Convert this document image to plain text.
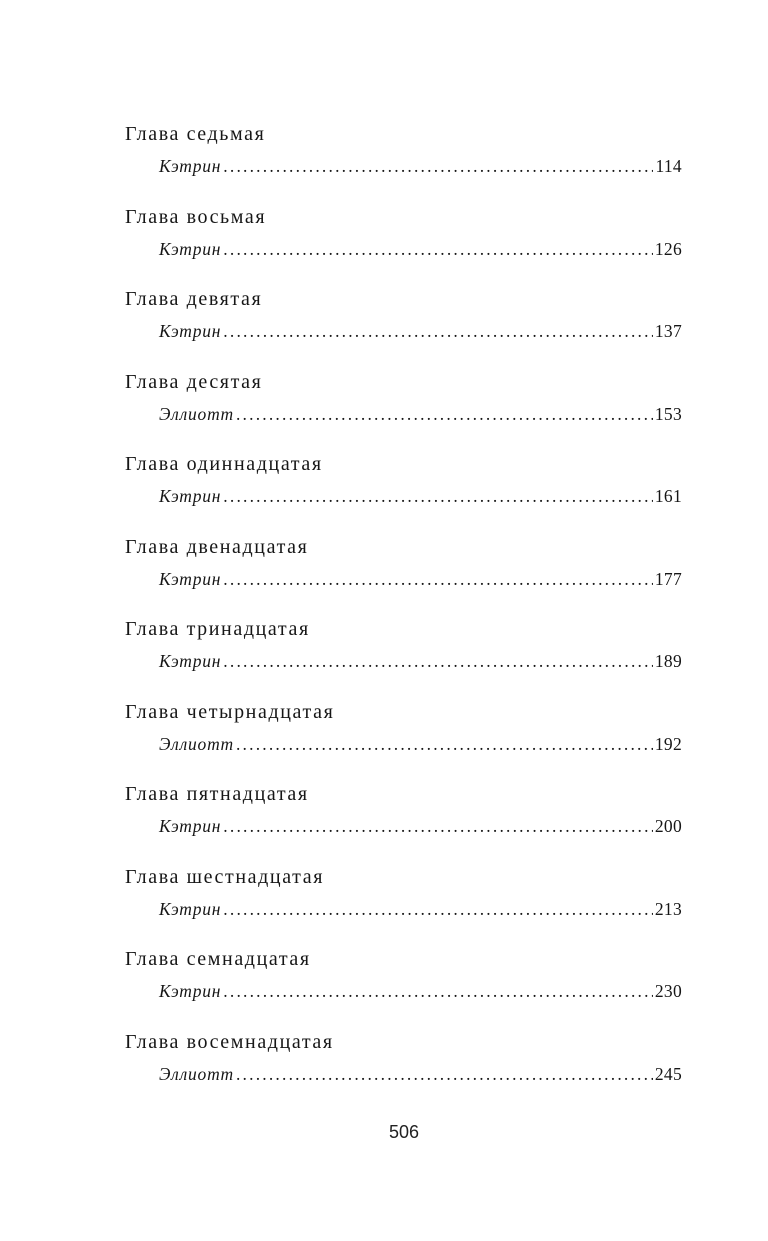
Глава седьмая
Кэтрин .....	114
Глава восьмая
Кэтрин .....	126
Глава девятая
Кэтрин .....	137
Глава десятая
Эллиотт .....	153
Глава одиннадцатая
Кэтрин .....	161
Глава двенадцатая
Кэтрин .....	177
Глава тринадцатая
Кэтрин .....	189
Глава четырнадцатая
Эллиотт .....	192
Глава пятнадцатая
Кэтрин .....	200
Глава шестнадцатая
Кэтрин .....	213
Глава семнадцатая
Кэтрин .....	230
Глава восемнадцатая
Эллиотт .....	245
506
